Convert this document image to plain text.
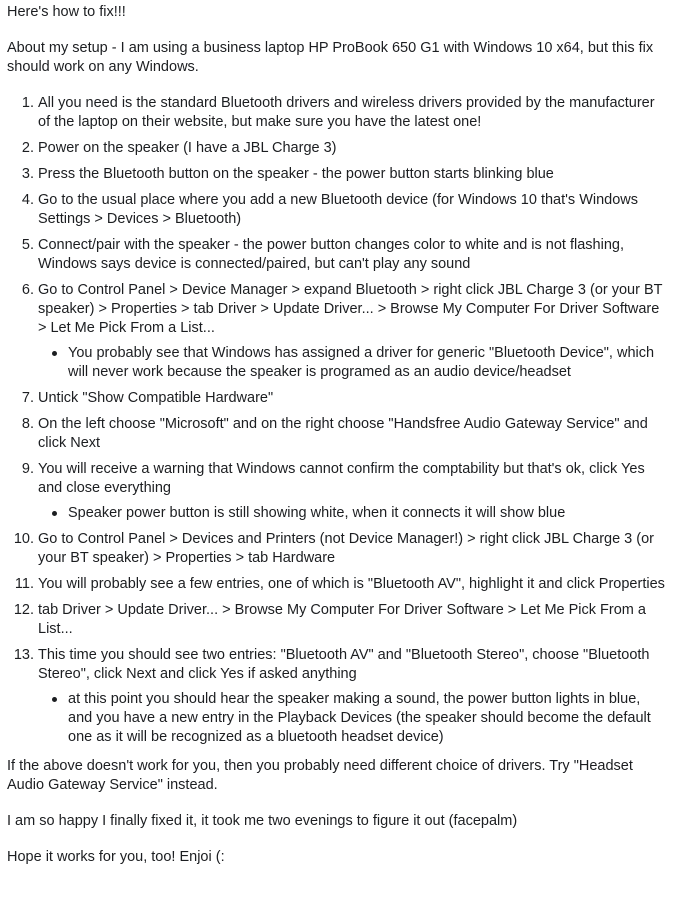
Here's how to fix!!!

About my setup - I am using a business laptop HP ProBook 650 G1 with Windows 10 x64, but this fix should work on any Windows.

1. All you need is the standard Bluetooth drivers and wireless drivers provided by the manufacturer of the laptop on their website, but make sure you have the latest one!
2. Power on the speaker (I have a JBL Charge 3)
3. Press the Bluetooth button on the speaker - the power button starts blinking blue
4. Go to the usual place where you add a new Bluetooth device (for Windows 10 that's Windows Settings > Devices > Bluetooth)
5. Connect/pair with the speaker - the power button changes color to white and is not flashing, Windows says device is connected/paired, but can't play any sound
6. Go to Control Panel > Device Manager > expand Bluetooth > right click JBL Charge 3 (or your BT speaker) > Properties > tab Driver > Update Driver... > Browse My Computer For Driver Software > Let Me Pick From a List...
You probably see that Windows has assigned a driver for generic "Bluetooth Device", which will never work because the speaker is programed as an audio device/headset
7. Untick "Show Compatible Hardware"
8. On the left choose "Microsoft" and on the right choose "Handsfree Audio Gateway Service" and click Next
9. You will receive a warning that Windows cannot confirm the comptability but that's ok, click Yes and close everything
Speaker power button is still showing white, when it connects it will show blue
10. Go to Control Panel > Devices and Printers (not Device Manager!) > right click JBL Charge 3 (or your BT speaker) > Properties > tab Hardware
11. You will probably see a few entries, one of which is "Bluetooth AV", highlight it and click Properties
12. tab Driver > Update Driver... > Browse My Computer For Driver Software > Let Me Pick From a List...
13. This time you should see two entries: "Bluetooth AV" and "Bluetooth Stereo", choose "Bluetooth Stereo", click Next and click Yes if asked anything
at this point you should hear the speaker making a sound, the power button lights in blue, and you have a new entry in the Playback Devices (the speaker should become the default one as it will be recognized as a bluetooth headset device)

If the above doesn't work for you, then you probably need different choice of drivers. Try "Headset Audio Gateway Service" instead.

I am so happy I finally fixed it, it took me two evenings to figure it out (facepalm)

Hope it works for you, too! Enjoi (:
